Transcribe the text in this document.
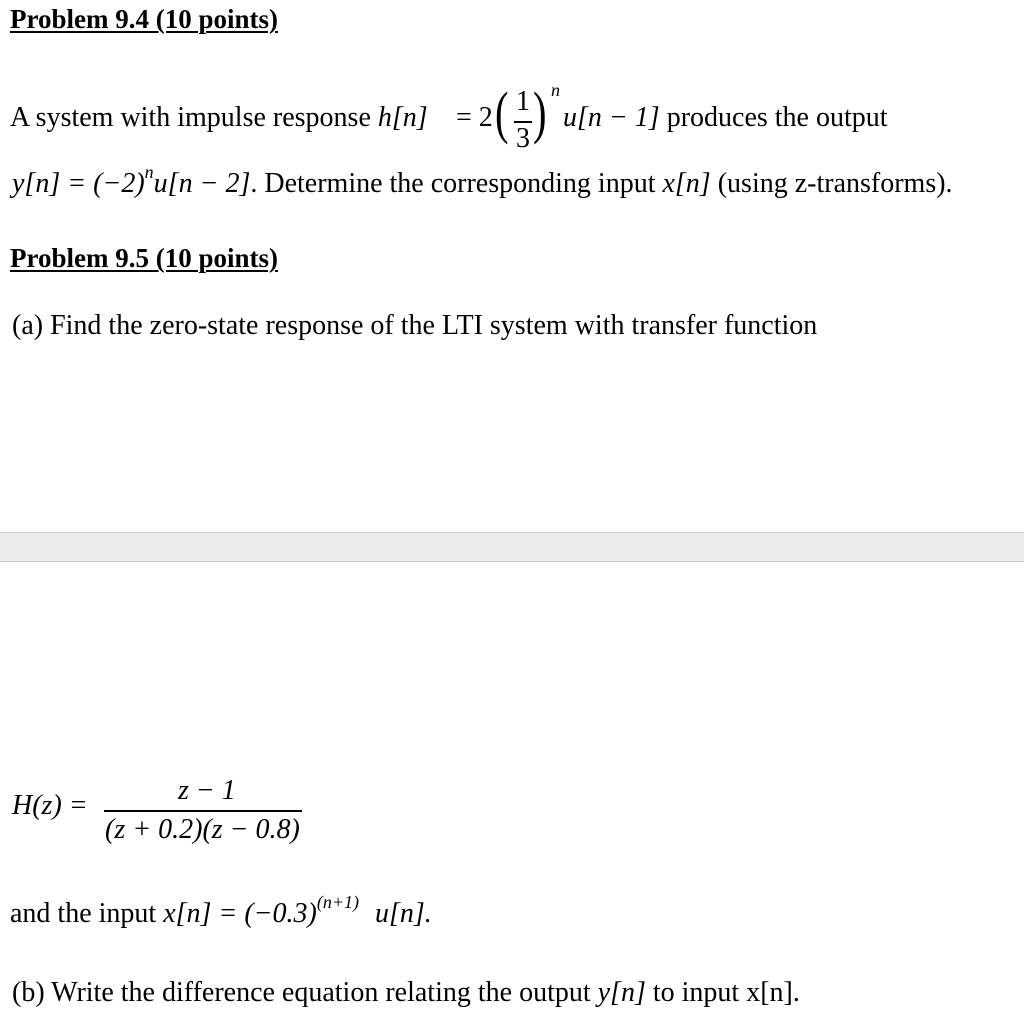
Problem 9.4 (10 points)
A system with impulse response h[n] = 2 ( 1
3 ) n
u[n − 1] produces the output
$y[n] = (-2)^nu[n - 2]$. Determine the corresponding input x[n] (using z-transforms).
Problem 9.5 (10 points)
(a) Find the zero-state response of the LTI system with transfer function
H(z) =	z − 1
(z + 0.2)(z − 0.8)
and the input $x[n] = (-0.3)^{(n+1)}$ u[n].
(b) Write the difference equation relating the output y[n] to input x[n].
